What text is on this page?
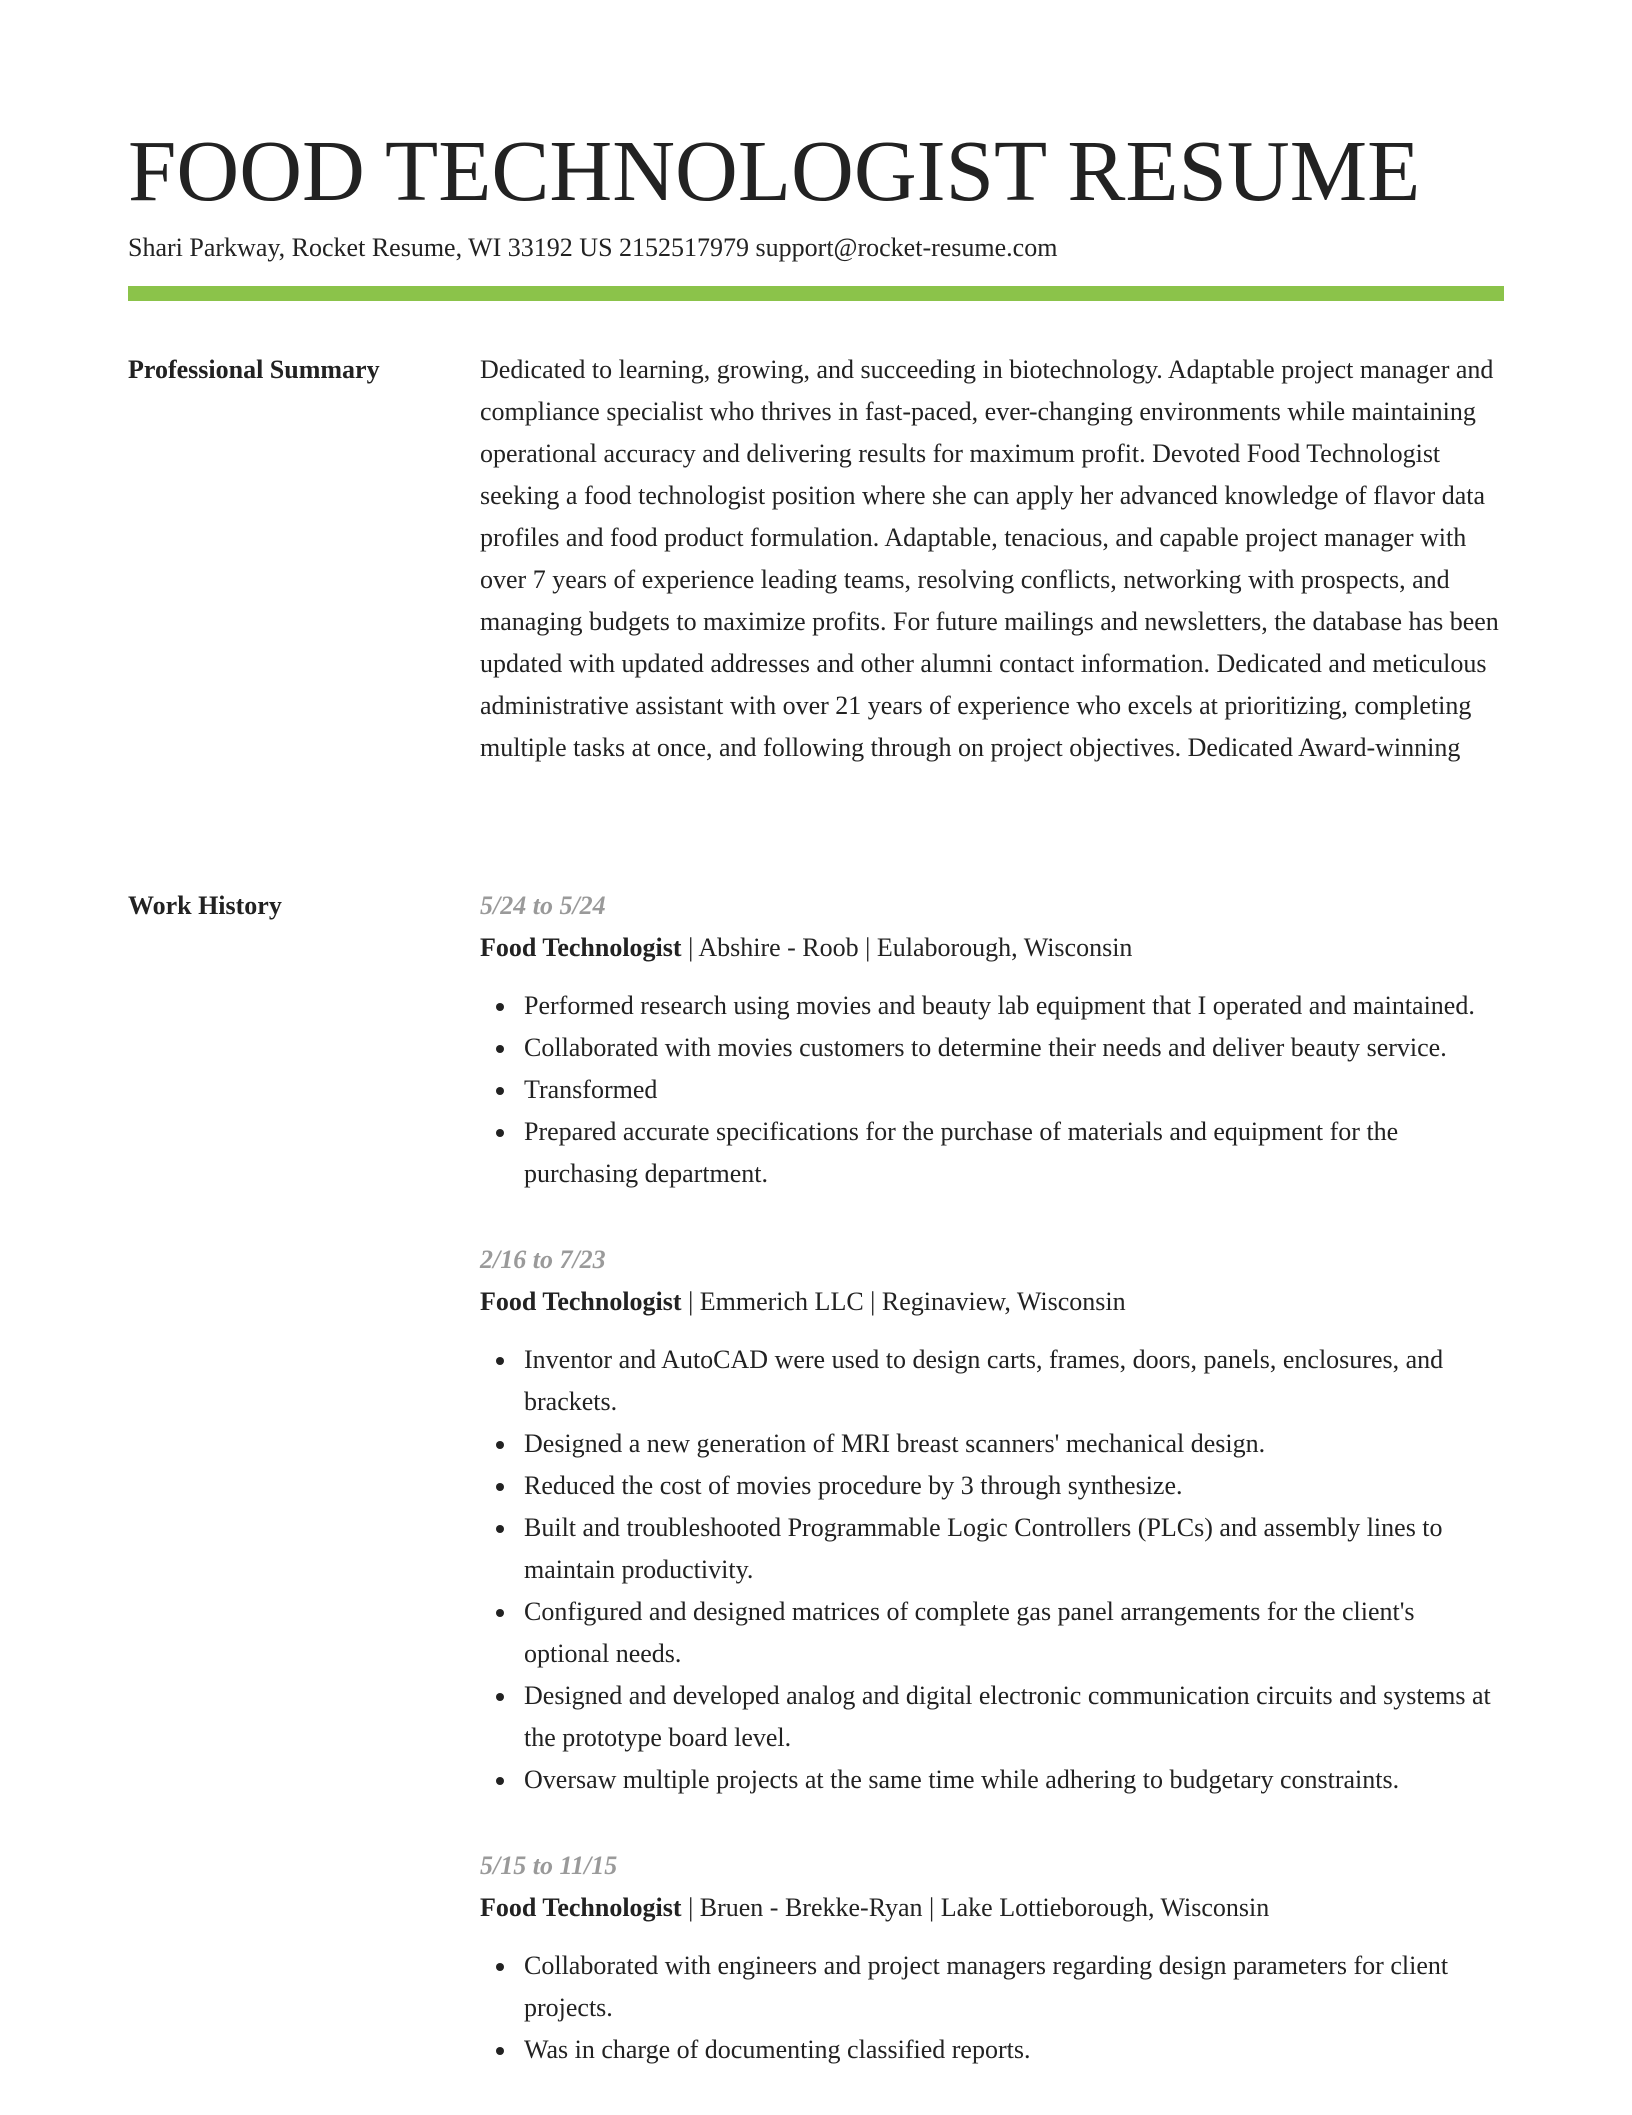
FOOD TECHNOLOGIST RESUME
Shari Parkway, Rocket Resume, WI 33192 US 2152517979 support@rocket-resume.com
Professional Summary	Dedicated to learning, growing, and succeeding in biotechnology. Adaptable project manager and compliance specialist who thrives in fast-paced, ever-changing environments while maintaining operational accuracy and delivering results for maximum profit. Devoted Food Technologist seeking a food technologist position where she can apply her advanced knowledge of flavor data profiles and food product formulation. Adaptable, tenacious, and capable project manager with over 7 years of experience leading teams, resolving conflicts, networking with prospects, and managing budgets to maximize profits. For future mailings and newsletters, the database has been updated with updated addresses and other alumni contact information. Dedicated and meticulous administrative assistant with over 21 years of experience who excels at prioritizing, completing multiple tasks at once, and following through on project objectives. Dedicated Award-winning

Work History	5/24 to 5/24

Food Technologist | Abshire - Roob | Eulaborough, Wisconsin

Performed research using movies and beauty lab equipment that I operated and maintained.
Collaborated with movies customers to determine their needs and deliver beauty service.
Transformed
Prepared accurate specifications for the purchase of materials and equipment for the purchasing department.

2/16 to 7/23

Food Technologist | Emmerich LLC | Reginaview, Wisconsin

Inventor and AutoCAD were used to design carts, frames, doors, panels, enclosures, and brackets.
Designed a new generation of MRI breast scanners' mechanical design.
Reduced the cost of movies procedure by 3 through synthesize.
Built and troubleshooted Programmable Logic Controllers (PLCs) and assembly lines to maintain productivity.
Configured and designed matrices of complete gas panel arrangements for the client's optional needs.
Designed and developed analog and digital electronic communication circuits and systems at the prototype board level.
Oversaw multiple projects at the same time while adhering to budgetary constraints.

5/15 to 11/15

Food Technologist | Bruen - Brekke-Ryan | Lake Lottieborough, Wisconsin

Collaborated with engineers and project managers regarding design parameters for client projects.
Was in charge of documenting classified reports.
